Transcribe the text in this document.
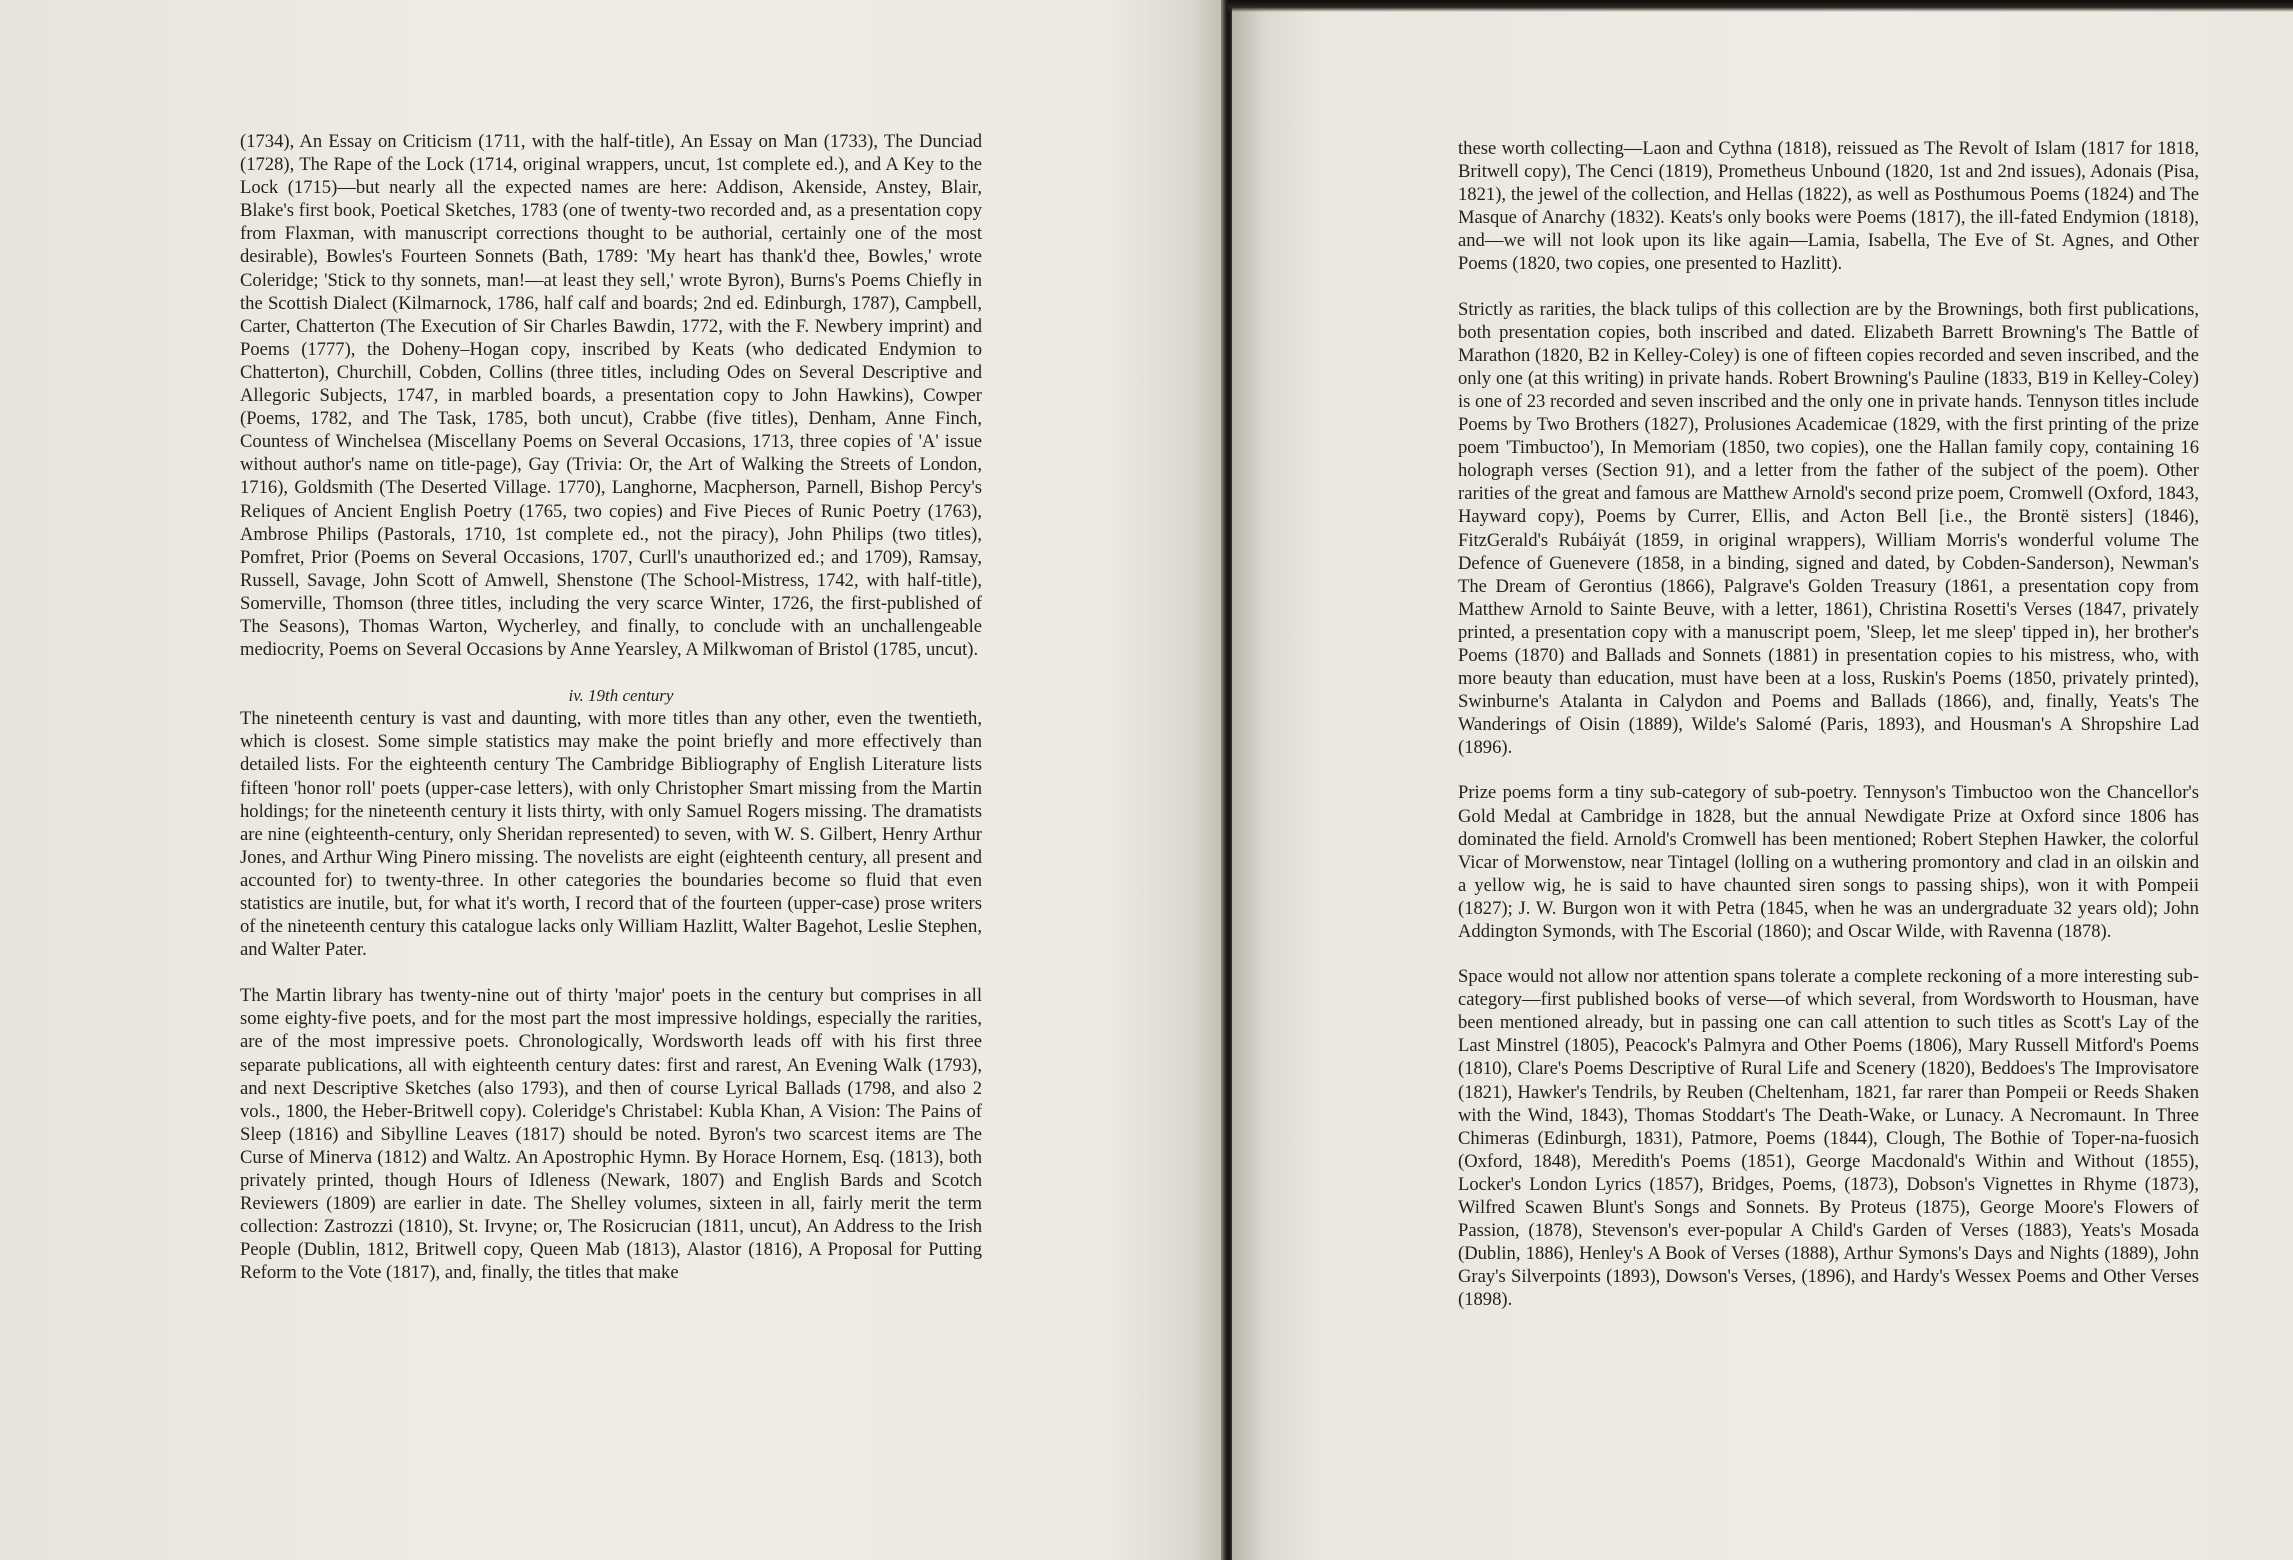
(1734), An Essay on Criticism (1711, with the half-title), An Essay on Man (1733), The Dunciad (1728), The Rape of the Lock (1714, original wrappers, uncut, 1st complete ed.), and A Key to the Lock (1715)—but nearly all the expected names are here: Addison, Akenside, Anstey, Blair, Blake's first book, Poetical Sketches, 1783 (one of twenty-two recorded and, as a presentation copy from Flaxman, with manuscript corrections thought to be authorial, certainly one of the most desirable), Bowles's Fourteen Sonnets (Bath, 1789: 'My heart has thank'd thee, Bowles,' wrote Coleridge; 'Stick to thy sonnets, man!—at least they sell,' wrote Byron), Burns's Poems Chiefly in the Scottish Dialect (Kilmarnock, 1786, half calf and boards; 2nd ed. Edinburgh, 1787), Campbell, Carter, Chatterton (The Execution of Sir Charles Bawdin, 1772, with the F. Newbery imprint) and Poems (1777), the Doheny–Hogan copy, inscribed by Keats (who dedicated Endymion to Chatterton), Churchill, Cobden, Collins (three titles, including Odes on Several Descriptive and Allegoric Subjects, 1747, in marbled boards, a presentation copy to John Hawkins), Cowper (Poems, 1782, and The Task, 1785, both uncut), Crabbe (five titles), Denham, Anne Finch, Countess of Winchelsea (Miscellany Poems on Several Occasions, 1713, three copies of 'A' issue without author's name on title-page), Gay (Trivia: Or, the Art of Walking the Streets of London, 1716), Goldsmith (The Deserted Village. 1770), Langhorne, Macpherson, Parnell, Bishop Percy's Reliques of Ancient English Poetry (1765, two copies) and Five Pieces of Runic Poetry (1763), Ambrose Philips (Pastorals, 1710, 1st complete ed., not the piracy), John Philips (two titles), Pomfret, Prior (Poems on Several Occasions, 1707, Curll's unauthorized ed.; and 1709), Ramsay, Russell, Savage, John Scott of Amwell, Shenstone (The School-Mistress, 1742, with half-title), Somerville, Thomson (three titles, including the very scarce Winter, 1726, the first-published of The Seasons), Thomas Warton, Wycherley, and finally, to conclude with an unchallengeable mediocrity, Poems on Several Occasions by Anne Yearsley, A Milkwoman of Bristol (1785, uncut).

iv. 19th century

The nineteenth century is vast and daunting, with more titles than any other, even the twentieth, which is closest. Some simple statistics may make the point briefly and more effectively than detailed lists. For the eighteenth century The Cambridge Bibliography of English Literature lists fifteen 'honor roll' poets (upper-case letters), with only Christopher Smart missing from the Martin holdings; for the nineteenth century it lists thirty, with only Samuel Rogers missing. The dramatists are nine (eighteenth-century, only Sheridan represented) to seven, with W. S. Gilbert, Henry Arthur Jones, and Arthur Wing Pinero missing. The novelists are eight (eighteenth century, all present and accounted for) to twenty-three. In other categories the boundaries become so fluid that even statistics are inutile, but, for what it's worth, I record that of the fourteen (upper-case) prose writers of the nineteenth century this catalogue lacks only William Hazlitt, Walter Bagehot, Leslie Stephen, and Walter Pater.

The Martin library has twenty-nine out of thirty 'major' poets in the century but comprises in all some eighty-five poets, and for the most part the most impressive holdings, especially the rarities, are of the most impressive poets. Chronologically, Wordsworth leads off with his first three separate publications, all with eighteenth century dates: first and rarest, An Evening Walk (1793), and next Descriptive Sketches (also 1793), and then of course Lyrical Ballads (1798, and also 2 vols., 1800, the Heber-Britwell copy). Coleridge's Christabel: Kubla Khan, A Vision: The Pains of Sleep (1816) and Sibylline Leaves (1817) should be noted. Byron's two scarcest items are The Curse of Minerva (1812) and Waltz. An Apostrophic Hymn. By Horace Hornem, Esq. (1813), both privately printed, though Hours of Idleness (Newark, 1807) and English Bards and Scotch Reviewers (1809) are earlier in date. The Shelley volumes, sixteen in all, fairly merit the term collection: Zastrozzi (1810), St. Irvyne; or, The Rosicrucian (1811, uncut), An Address to the Irish People (Dublin, 1812, Britwell copy, Queen Mab (1813), Alastor (1816), A Proposal for Putting Reform to the Vote (1817), and, finally, the titles that make

these worth collecting—Laon and Cythna (1818), reissued as The Revolt of Islam (1817 for 1818, Britwell copy), The Cenci (1819), Prometheus Unbound (1820, 1st and 2nd issues), Adonais (Pisa, 1821), the jewel of the collection, and Hellas (1822), as well as Posthumous Poems (1824) and The Masque of Anarchy (1832). Keats's only books were Poems (1817), the ill-fated Endymion (1818), and—we will not look upon its like again—Lamia, Isabella, The Eve of St. Agnes, and Other Poems (1820, two copies, one presented to Hazlitt).

Strictly as rarities, the black tulips of this collection are by the Brownings, both first publications, both presentation copies, both inscribed and dated. Elizabeth Barrett Browning's The Battle of Marathon (1820, B2 in Kelley-Coley) is one of fifteen copies recorded and seven inscribed, and the only one (at this writing) in private hands. Robert Browning's Pauline (1833, B19 in Kelley-Coley) is one of 23 recorded and seven inscribed and the only one in private hands. Tennyson titles include Poems by Two Brothers (1827), Prolusiones Academicae (1829, with the first printing of the prize poem 'Timbuctoo'), In Memoriam (1850, two copies), one the Hallan family copy, containing 16 holograph verses (Section 91), and a letter from the father of the subject of the poem). Other rarities of the great and famous are Matthew Arnold's second prize poem, Cromwell (Oxford, 1843, Hayward copy), Poems by Currer, Ellis, and Acton Bell [i.e., the Brontë sisters] (1846), FitzGerald's Rubáiyát (1859, in original wrappers), William Morris's wonderful volume The Defence of Guenevere (1858, in a binding, signed and dated, by Cobden-Sanderson), Newman's The Dream of Gerontius (1866), Palgrave's Golden Treasury (1861, a presentation copy from Matthew Arnold to Sainte Beuve, with a letter, 1861), Christina Rosetti's Verses (1847, privately printed, a presentation copy with a manuscript poem, 'Sleep, let me sleep' tipped in), her brother's Poems (1870) and Ballads and Sonnets (1881) in presentation copies to his mistress, who, with more beauty than education, must have been at a loss, Ruskin's Poems (1850, privately printed), Swinburne's Atalanta in Calydon and Poems and Ballads (1866), and, finally, Yeats's The Wanderings of Oisin (1889), Wilde's Salomé (Paris, 1893), and Housman's A Shropshire Lad (1896).

Prize poems form a tiny sub-category of sub-poetry. Tennyson's Timbuctoo won the Chancellor's Gold Medal at Cambridge in 1828, but the annual Newdigate Prize at Oxford since 1806 has dominated the field. Arnold's Cromwell has been mentioned; Robert Stephen Hawker, the colorful Vicar of Morwenstow, near Tintagel (lolling on a wuthering promontory and clad in an oilskin and a yellow wig, he is said to have chaunted siren songs to passing ships), won it with Pompeii (1827); J. W. Burgon won it with Petra (1845, when he was an undergraduate 32 years old); John Addington Symonds, with The Escorial (1860); and Oscar Wilde, with Ravenna (1878).

Space would not allow nor attention spans tolerate a complete reckoning of a more interesting sub-category—first published books of verse—of which several, from Wordsworth to Housman, have been mentioned already, but in passing one can call attention to such titles as Scott's Lay of the Last Minstrel (1805), Peacock's Palmyra and Other Poems (1806), Mary Russell Mitford's Poems (1810), Clare's Poems Descriptive of Rural Life and Scenery (1820), Beddoes's The Improvisatore (1821), Hawker's Tendrils, by Reuben (Cheltenham, 1821, far rarer than Pompeii or Reeds Shaken with the Wind, 1843), Thomas Stoddart's The Death-Wake, or Lunacy. A Necromaunt. In Three Chimeras (Edinburgh, 1831), Patmore, Poems (1844), Clough, The Bothie of Toper-na-fuosich (Oxford, 1848), Meredith's Poems (1851), George Macdonald's Within and Without (1855), Locker's London Lyrics (1857), Bridges, Poems, (1873), Dobson's Vignettes in Rhyme (1873), Wilfred Scawen Blunt's Songs and Sonnets. By Proteus (1875), George Moore's Flowers of Passion, (1878), Stevenson's ever-popular A Child's Garden of Verses (1883), Yeats's Mosada (Dublin, 1886), Henley's A Book of Verses (1888), Arthur Symons's Days and Nights (1889), John Gray's Silverpoints (1893), Dowson's Verses, (1896), and Hardy's Wessex Poems and Other Verses (1898).
